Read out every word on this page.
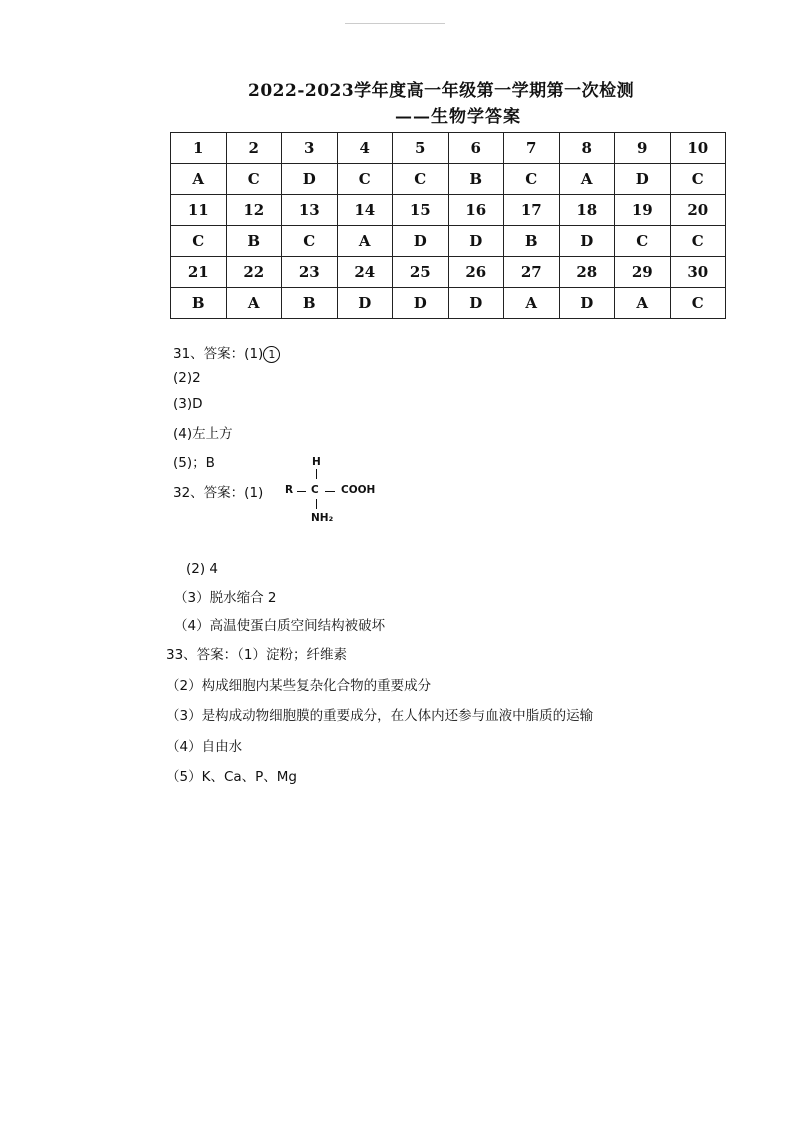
2022-2023学年度高一年级第一学期第一次检测
——生物学答案
1	2	3	4	5	6	7	8	9	10
A	C	D	C	C	B	C	A	D	C
11	12	13	14	15	16	17	18	19	20
C	B	C	A	D	D	B	D	C	C
21	22	23	24	25	26	27	28	29	30
B	A	B	D	D	D	A	D	A	C
31、答案：(1) 1
(2)2
(3)D
(4)左上方
(5)；B
32、答案：(1)
H
R C COOH
NH₂
(2) 4
（3）脱水缩合 2
（4）高温使蛋白质空间结构被破坏
33、答案：（1）淀粉；纤维素
（2）构成细胞内某些复杂化合物的重要成分
（3）是构成动物细胞膜的重要成分，在人体内还参与血液中脂质的运输
（4）自由水
（5）K、Ca、P、Mg
